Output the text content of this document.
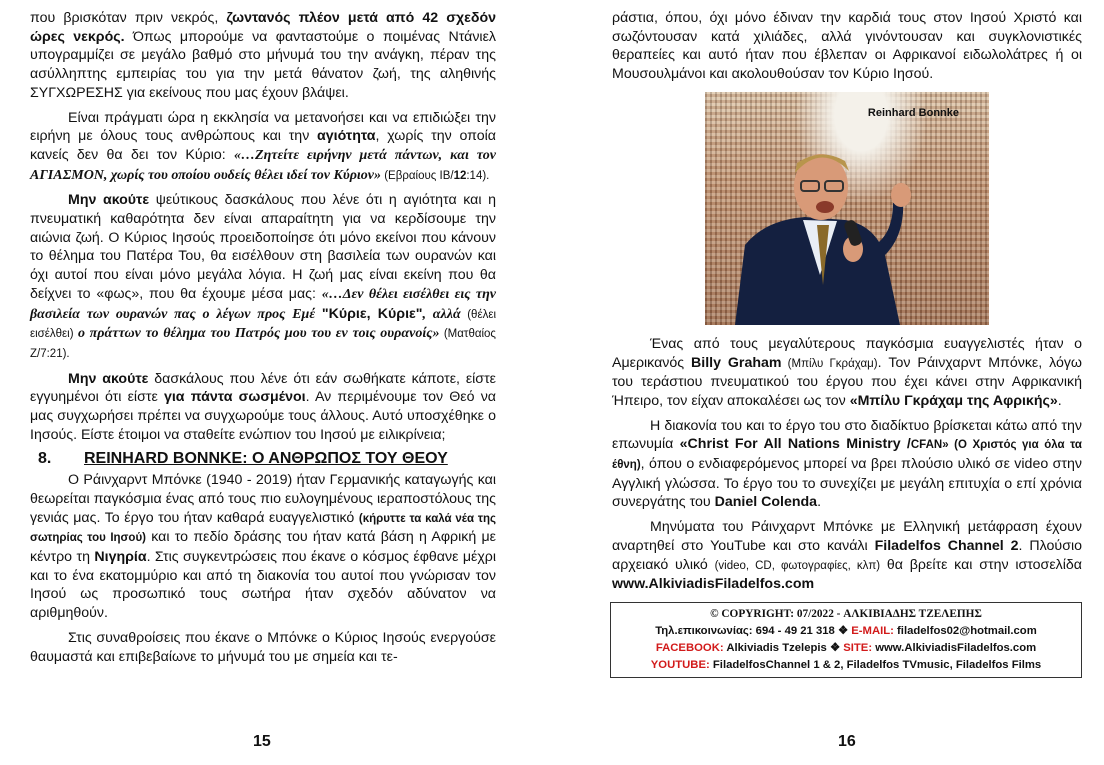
που βρισκόταν πριν νεκρός, ζωντανός πλέον μετά από 42 σχεδόν ώρες νεκρός. Όπως μπορούμε να φανταστούμε ο ποιμένας Ντάνιελ υπογραμμίζει σε μεγάλο βαθμό στο μήνυμά του την ανάγκη, πέραν της ασύλληπτης εμπειρίας του για την μετά θάνατον ζωή, της αληθινής ΣΥΓΧΩΡΕΣΗΣ για εκείνους που μας έχουν βλάψει.

Είναι πράγματι ώρα η εκκλησία να μετανοήσει και να επιδιώξει την ειρήνη με όλους τους ανθρώπους και την αγιότητα, χωρίς την οποία κανείς δεν θα δει τον Κύριο: «…Ζητείτε ειρήνην μετά πάντων, και τον ΑΓΙΑΣΜΟΝ, χωρίς του οποίου ουδείς θέλει ιδεί τον Κύριον» (Εβραίους ΙΒ/12:14).

Μην ακούτε ψεύτικους δασκάλους που λένε ότι η αγιότητα και η πνευματική καθαρότητα δεν είναι απαραίτητη για να κερδίσουμε την αιώνια ζωή. Ο Κύριος Ιησούς προειδοποίησε ότι μόνο εκείνοι που κάνουν το θέλημα του Πατέρα Του, θα εισέλθουν στη βασιλεία των ουρανών και όχι αυτοί που είναι μόνο μεγάλα λόγια. Η ζωή μας είναι εκείνη που θα δείχνει το «φως», που θα έχουμε μέσα μας: «…Δεν θέλει εισέλθει εις την βασιλεία των ουρανών πας ο λέγων προς Εμέ "Κύριε, Κύριε", αλλά (θέλει εισέλθει) ο πράττων το θέλημα του Πατρός μου του εν τοις ουρανοίς» (Ματθαίος Ζ/7:21).

Μην ακούτε δασκάλους που λένε ότι εάν σωθήκατε κάποτε, είστε εγγυημένοι ότι είστε για πάντα σωσμένοι. Αν περιμένουμε τον Θεό να μας συγχωρήσει πρέπει να συγχωρούμε τους άλλους. Αυτό υποσχέθηκε ο Ιησούς. Είστε έτοιμοι να σταθείτε ενώπιον του Ιησού με ειλικρίνεια;

8.	REINHARD BONNKE: Ο ΑΝΘΡΩΠΟΣ ΤΟΥ ΘΕΟΥ

Ο Ράινχαρντ Μπόνκε (1940 - 2019) ήταν Γερμανικής καταγωγής και θεωρείται παγκόσμια ένας από τους πιο ευλογημένους ιεραποστόλους της γενιάς μας. Το έργο του ήταν καθαρά ευαγγελιστικό (κήρυττε τα καλά νέα της σωτηρίας του Ιησού) και το πεδίο δράσης του ήταν κατά βάση η Αφρική με κέντρο τη Νιγηρία. Στις συγκεντρώσεις που έκανε ο κόσμος έφθανε μέχρι και το ένα εκατομμύριο και από τη διακονία του αυτοί που γνώρισαν τον Ιησού ως προσωπικό τους σωτήρα ήταν σχεδόν αδύνατον να αριθμηθούν.

Στις συναθροίσεις που έκανε ο Μπόνκε ο Κύριος Ιησούς ενεργούσε θαυμαστά και επιβεβαίωνε το μήνυμά του με σημεία και τε-

15

ράστια, όπου, όχι μόνο έδιναν την καρδιά τους στον Ιησού Χριστό και σωζόντουσαν κατά χιλιάδες, αλλά γινόντουσαν και συγκλονιστικές θεραπείες και αυτό ήταν που έβλεπαν οι Αφρικανοί ειδωλολάτρες ή οι Μουσουλμάνοι και ακολουθούσαν τον Κύριο Ιησού.

Reinhard Bonnke

Ένας από τους μεγαλύτερους παγκόσμια ευαγγελιστές ήταν ο Αμερικανός Billy Graham (Μπίλυ Γκράχαμ). Τον Ράινχαρντ Μπόνκε, λόγω του τεράστιου πνευματικού του έργου που έχει κάνει στην Αφρικανική Ήπειρο, τον είχαν αποκαλέσει ως τον «Μπίλυ Γκράχαμ της Αφρικής».

Η διακονία του και το έργο του στο διαδίκτυο βρίσκεται κάτω από την επωνυμία «Christ For All Nations Ministry /CFAN» (Ο Χριστός για όλα τα έθνη), όπου ο ενδιαφερόμενος μπορεί να βρει πλούσιο υλικό σε video στην Αγγλική γλώσσα. Το έργο του το συνεχίζει με μεγάλη επιτυχία ο επί χρόνια συνεργάτης του Daniel Colenda.

Μηνύματα του Ράινχαρντ Μπόνκε με Ελληνική μετάφραση έχουν αναρτηθεί στο YouTube και στο κανάλι Filadelfos Channel 2. Πλούσιο αρχειακό υλικό (video, CD, φωτογραφίες, κλπ) θα βρείτε και στην ιστοσελίδα www.AlkiviadisFiladelfos.com

© COPYRIGHT: 07/2022 - ΑΛΚΙΒΙΑΔΗΣ ΤΖΕΛΕΠΗΣ
Τηλ.επικοινωνίας: 694 - 49 21 318 ❖ E-MAIL: filadelfos02@hotmail.com
FACEBOOK: Alkiviadis Tzelepis ❖ SITE: www.AlkiviadisFiladelfos.com
YOUTUBE: FiladelfosChannel 1 & 2, Filadelfos TVmusic, Filadelfos Films
16
